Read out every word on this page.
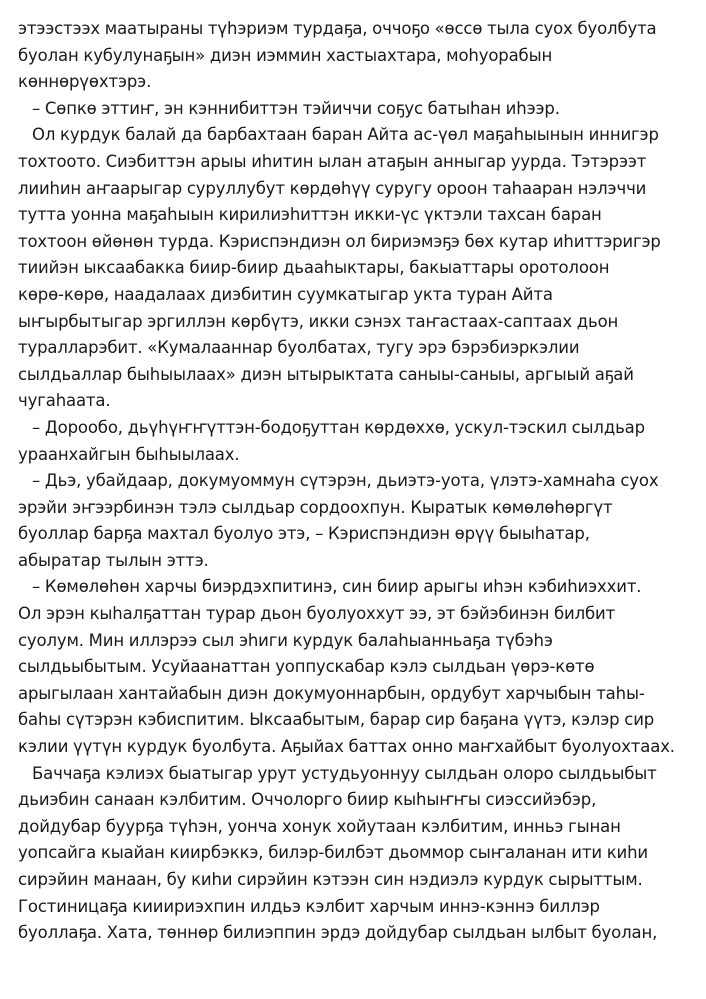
этээстээх маатыраны түһэриэм турдаҕа, оччоҕо «өссө тыла суох буолбута
буолан кубулунаҕын» диэн иэммин хастыахтара, моһуорабын
көннөрүөхтэрэ.
– Сөпкө эттиҥ, эн кэннибиттэн тэйиччи соҕус батыһан иһээр.
Ол курдук балай да барбахтаан баран Айта ас-үөл маҕаһыынын иннигэр
тохтоото. Сиэбиттэн арыы иһитин ылан атаҕын анныгар уурда. Тэтэрээт
лииһин аҥаарыгар суруллубут көрдөһүү суругу ороон таһааран нэлэччи
тутта уонна маҕаһыын кирилиэһиттэн икки-үс үктэли тахсан баран
тохтоон өйөнөн турда. Кэриспэндиэн ол бириэмэҕэ бөх кутар иһиттэригэр
тиийэн ыксаабакка биир-биир дьааһыктары, бакыаттары оротолоон
көрө-көрө, наадалаах диэбитин суумкатыгар укта туран Айта
ыҥырбытыгар эргиллэн көрбүтэ, икки сэнэх таҥастаах-саптаах дьон
туралларэбит. «Кумалааннар буолбатах, тугу эрэ бэрэбиэркэлии
сылдьаллар быһыылаах» диэн ытырыктата саныы-саныы, аргыый аҕай
чугаһаата.
– Дорообо, дьүһүҥҥүттэн-бодоҕуттан көрдөххө, ускул-тэскил сылдьар
ураанхайгын быһыылаах.
– Дьэ, убайдаар, докумуоммун сүтэрэн, дьиэтэ-уота, үлэтэ-хамнаһа суох
эрэйи эҥээрбинэн тэлэ сылдьар сордоохпун. Кыратык көмөлөһөргүт
буоллар барҕа махтал буолуо этэ, – Кэриспэндиэн өрүү быыһатар,
абыратар тылын эттэ.
– Көмөлөһөн харчы биэрдэхпитинэ, син биир арыгы иһэн кэбиһиэххит.
Ол эрэн кыһалҕаттан турар дьон буолуоххут ээ, эт бэйэбинэн билбит
суолум. Мин иллэрээ сыл эһиги курдук балаһыанньаҕа түбэһэ
сылдьыбытым. Усуйаанаттан уоппускабар кэлэ сылдьан үөрэ-көтө
арыгылаан хантайабын диэн докумуоннарбын, ордубут харчыбын таһы-
баһы сүтэрэн кэбиспитим. Ыксаабытым, барар сир баҕана үүтэ, кэлэр сир
кэлии үүтүн курдук буолбута. Аҕыйах баттах онно маҥхайбыт буолуохтаах.
Баччаҕа кэлиэх быатыгар урут устудьуоннуу сылдьан олоро сылдьыбыт
дьиэбин санаан кэлбитим. Оччолорго биир кыһыҥҥы сиэссийэбэр,
дойдубар буурҕа түһэн, уонча хонук хойутаан кэлбитим, инньэ гынан
уопсайга кыайан киирбэккэ, билэр-билбэт дьоммор сыҥаланан ити киһи
сирэйин манаан, бу киһи сирэйин кэтээн син нэдиэлэ курдук сырыттым.
Гостиницаҕа кииириэхпин илдьэ кэлбит харчым иннэ-кэннэ биллэр
буоллаҕа. Хата, төннөр билиэппин эрдэ дойдубар сылдьан ылбыт буолан,
